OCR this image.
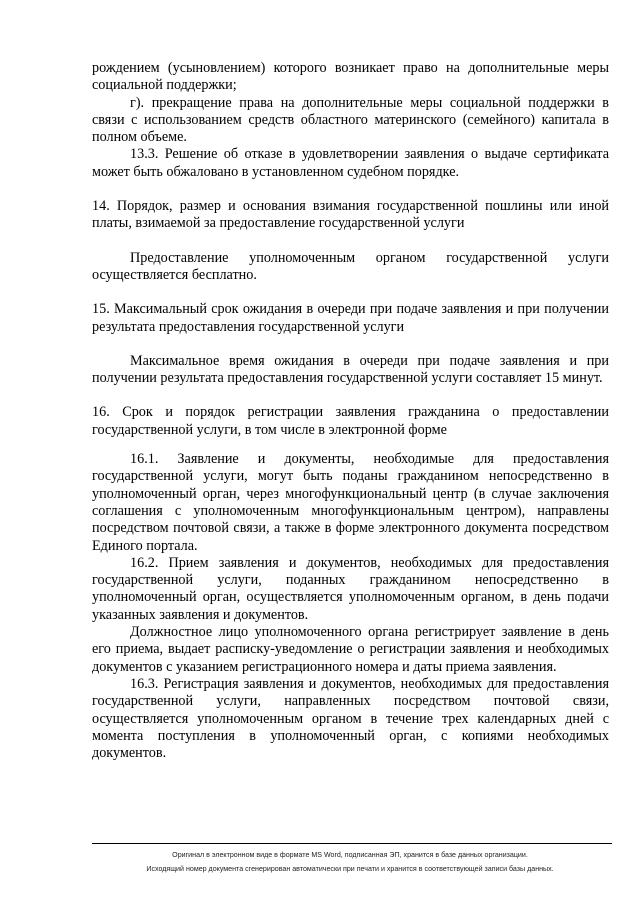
рождением (усыновлением) которого возникает право на дополнительные меры социальной поддержки;

г). прекращение права на дополнительные меры социальной поддержки в связи с использованием средств областного материнского (семейного) капитала в полном объеме.

13.3. Решение об отказе в удовлетворении заявления о выдаче сертификата может быть обжаловано в установленном судебном порядке.

14. Порядок, размер и основания взимания государственной пошлины или иной платы, взимаемой за предоставление государственной услуги

Предоставление уполномоченным органом государственной услуги осуществляется бесплатно.

15. Максимальный срок ожидания в очереди при подаче заявления и при получении результата предоставления государственной услуги

Максимальное время ожидания в очереди при подаче заявления и при получении результата предоставления государственной услуги составляет 15 минут.

16. Срок и порядок регистрации заявления гражданина о предоставлении государственной услуги, в том числе в электронной форме

16.1. Заявление и документы, необходимые для предоставления государственной услуги, могут быть поданы гражданином непосредственно в уполномоченный орган, через многофункциональный центр (в случае заключения соглашения с уполномоченным многофункциональным центром), направлены посредством почтовой связи, а также в форме электронного документа посредством Единого портала.

16.2. Прием заявления и документов, необходимых для предоставления государственной услуги, поданных гражданином непосредственно в уполномоченный орган, осуществляется уполномоченным органом, в день подачи указанных заявления и документов.

Должностное лицо уполномоченного органа регистрирует заявление в день его приема, выдает расписку-уведомление о регистрации заявления и необходимых документов с указанием регистрационного номера и даты приема заявления.

16.3. Регистрация заявления и документов, необходимых для предоставления государственной услуги, направленных посредством почтовой связи, осуществляется уполномоченным органом в течение трех календарных дней с момента поступления в уполномоченный орган, с копиями необходимых документов.

Оригинал в электронном виде в формате MS Word, подписанная ЭП, хранится в базе данных организации.
Исходящий номер документа сгенерирован автоматически при печати и хранится в соответствующей записи базы данных.
